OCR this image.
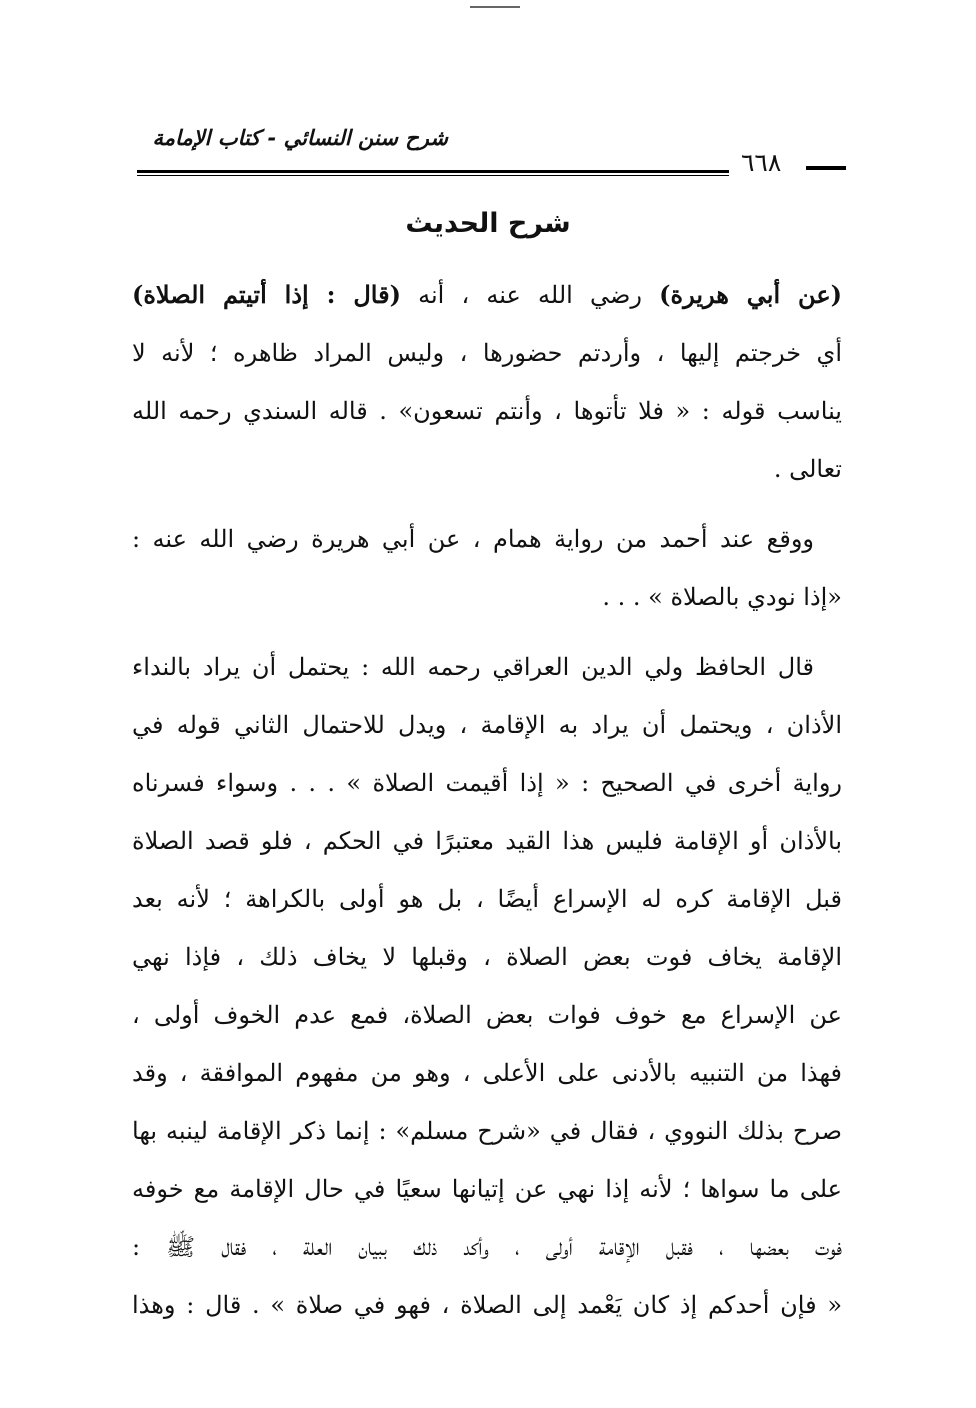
شرح سنن النسائي - كتاب الإمامة
٦٦٨
شرح الحديث
(عن أبي هريرة) رضي الله عنه ، أنه (قال : إذا أتيتم الصلاة)
أي خرجتم إليها ، وأردتم حضورها ، وليس المراد ظاهره ؛ لأنه لا
يناسب قوله : « فلا تأتوها ، وأنتم تسعون» . قاله السندي رحمه الله
تعالى .
ووقع عند أحمد من رواية همام ، عن أبي هريرة رضي الله عنه :
«إذا نودي بالصلاة » . . .
قال الحافظ ولي الدين العراقي رحمه الله : يحتمل أن يراد بالنداء
الأذان ، ويحتمل أن يراد به الإقامة ، ويدل للاحتمال الثاني قوله في
رواية أخرى في الصحيح : « إذا أقيمت الصلاة » . . . وسواء فسرناه
بالأذان أو الإقامة فليس هذا القيد معتبرًا في الحكم ، فلو قصد الصلاة
قبل الإقامة كره له الإسراع أيضًا ، بل هو أولى بالكراهة ؛ لأنه بعد
الإقامة يخاف فوت بعض الصلاة ، وقبلها لا يخاف ذلك ، فإذا نهي
عن الإسراع مع خوف فوات بعض الصلاة، فمع عدم الخوف أولى ،
فهذا من التنبيه بالأدنى على الأعلى ، وهو من مفهوم الموافقة ، وقد
صرح بذلك النووي ، فقال في «شرح مسلم» : إنما ذكر الإقامة لينبه بها
على ما سواها ؛ لأنه إذا نهي عن إتيانها سعيًا في حال الإقامة مع خوفه
فوت بعضها ، فقبل الإقامة أولى ، وأكد ذلك ببيان العلة ، فقال ﷺ :
« فإن أحدكم إذ كان يَعْمد إلى الصلاة ، فهو في صلاة » . قال : وهذا
